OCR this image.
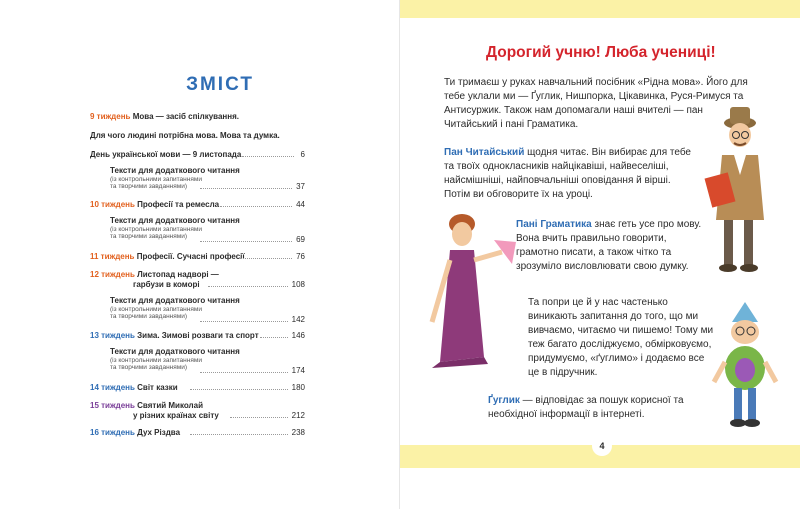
ЗМІСТ
9 тиждень Мова — засіб спілкування.
Для чого людині потрібна мова. Мова та думка.
День української мови — 9 листопада	6
Тексти для додаткового читання
(із контрольними запитаннями
та творчими завданнями)	37
10 тиждень Професії та ремесла	44
Тексти для додаткового читання
(із контрольними запитаннями
та творчими завданнями)	69
11 тиждень Професії. Сучасні професії	76
12 тиждень Листопад надворі —
гарбузи в коморі	108
Тексти для додаткового читання
(із контрольними запитаннями
та творчими завданнями)	142
13 тиждень Зима. Зимові розваги та спорт	146
Тексти для додаткового читання
(із контрольними запитаннями
та творчими завданнями)	174
14 тиждень Світ казки	180
15 тиждень Святий Миколай
у різних країнах світу	212
16 тиждень Дух Різдва	238
Дорогий учню! Люба учениці!
Ти тримаєш у руках навчальний посібник «Рідна мова». Його для тебе уклали ми — Ґуглик, Нишпорка, Цікавинка, Руся-Римуся та Антисуржик. Також нам допомагали наші вчителі — пан Читайський і пані Граматика.
Пан Читайський щодня читає. Він вибирає для тебе та твоїх однокласників найцікавіші, найвеселіші, найсмішніші, найповчальніші оповідання й вірші. Потім ви обговорите їх на уроці.
Пані Граматика знає геть усе про мову. Вона вчить правильно говорити, грамотно писати, а також чітко та зрозуміло висловлювати свою думку.
Та попри це й у нас частенько виникають запитання до того, що ми вивчаємо, читаємо чи пишемо! Тому ми теж багато досліджуємо, обмірковуємо, придумуємо, «ґуглимо» і додаємо все це в підручник.
Ґуглик — відповідає за пошук корисної та необхідної інформації в інтернеті.
4
